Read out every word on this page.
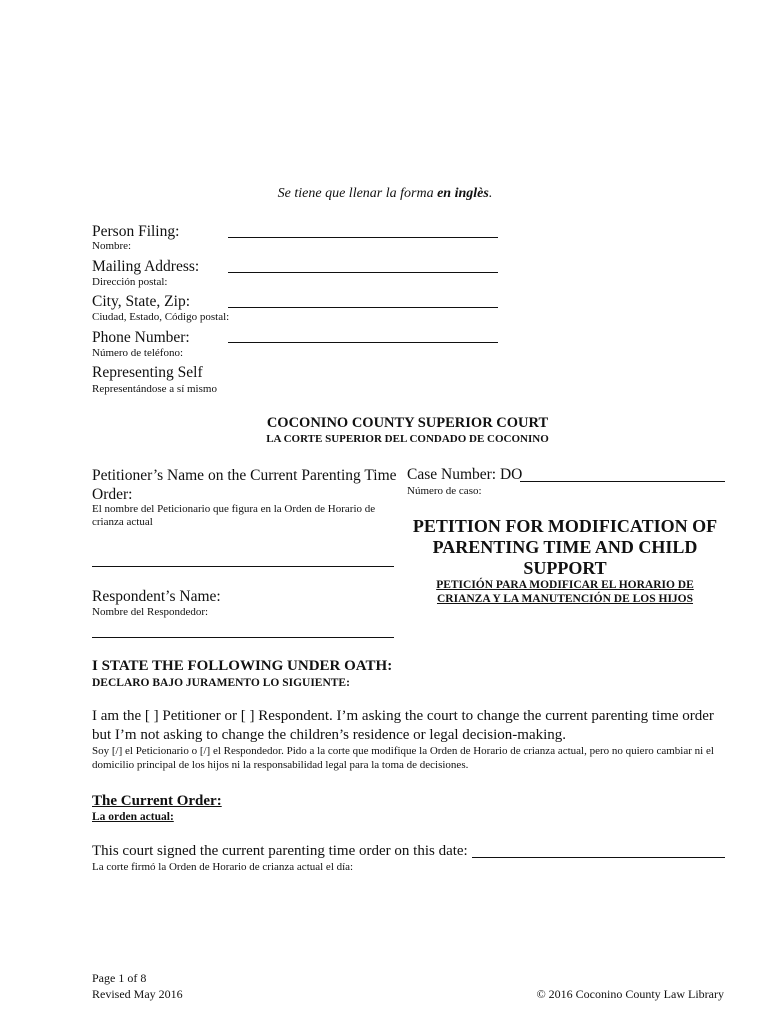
Se tiene que llenar la forma en inglès.
Person Filing:
Nombre:
Mailing Address:
Dirección postal:
City, State, Zip:
Ciudad, Estado, Código postal:
Phone Number:
Número de teléfono:
Representing Self
Representándose a sí mismo
COCONINO COUNTY SUPERIOR COURT
LA CORTE SUPERIOR DEL CONDADO DE COCONINO
Petitioner’s Name on the Current Parenting Time Order:
El nombre del Peticionario que figura en la Orden de Horario de crianza actual
Respondent’s Name:
Nombre del Respondedor:
Case Number: DO
Número de caso:
PETITION FOR MODIFICATION OF PARENTING TIME AND CHILD SUPPORT
PETICIÓN PARA MODIFICAR EL HORARIO DE CRIANZA Y LA MANUTENCIÓN DE LOS HIJOS
I STATE THE FOLLOWING UNDER OATH:
DECLARO BAJO JURAMENTO LO SIGUIENTE:
I am the [ ] Petitioner or [ ] Respondent. I’m asking the court to change the current parenting time order but I’m not asking to change the children’s residence or legal decision-making.
Soy [/] el Peticionario o [/] el Respondedor. Pido a la corte que modifique la Orden de Horario de crianza actual, pero no quiero cambiar ni el domicilio principal de los hijos ni la responsabilidad legal para la toma de decisiones.
The Current Order:
La orden actual:
This court signed the current parenting time order on this date:
La corte firmó la Orden de Horario de crianza actual el día:
Page 1 of 8
Revised May 2016	© 2016 Coconino County Law Library
